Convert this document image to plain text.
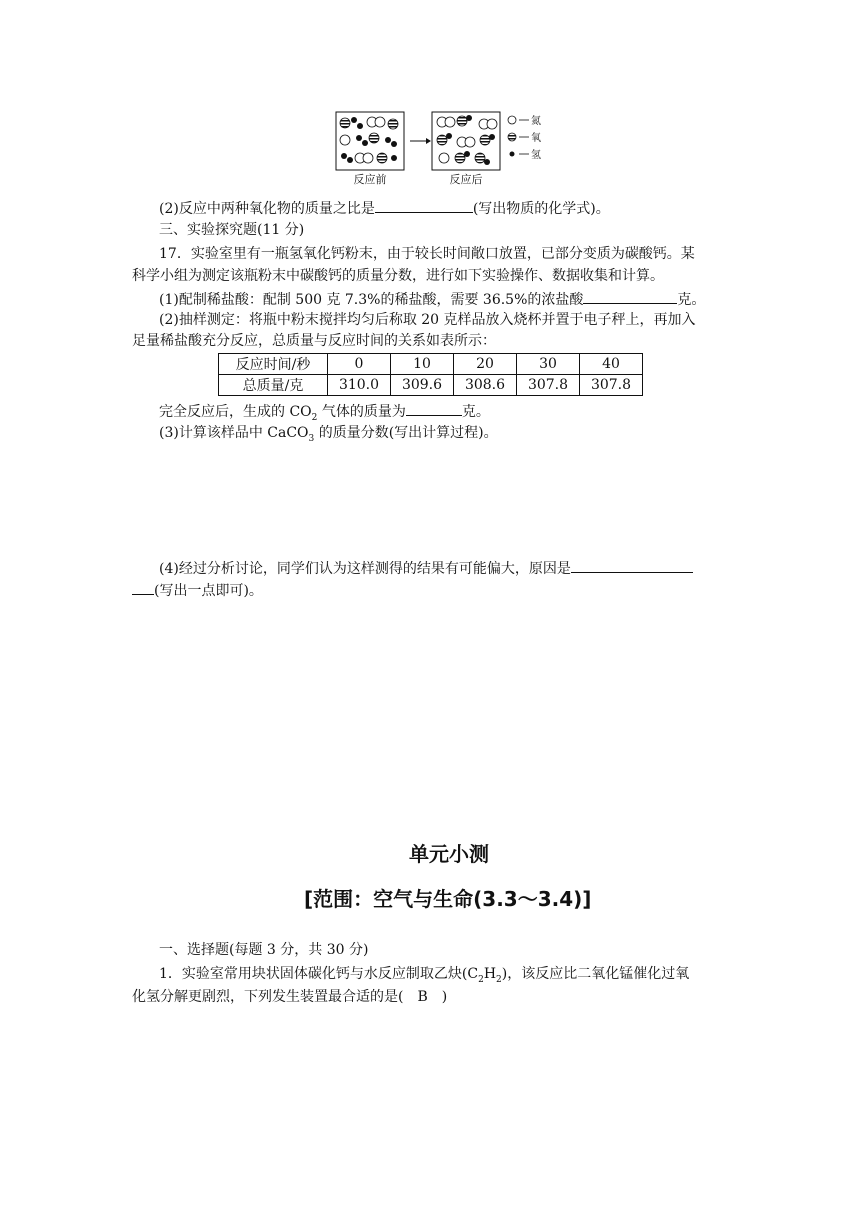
反应前	反应后
氮
氧
氢
(2)反应中两种氧化物的质量之比是	(写出物质的化学式)。
三、实验探究题(11 分)
17．实验室里有一瓶氢氧化钙粉末，由于较长时间敞口放置，已部分变质为碳酸钙。某
科学小组为测定该瓶粉末中碳酸钙的质量分数，进行如下实验操作、数据收集和计算。
(1)配制稀盐酸：配制 500 克 7.3%的稀盐酸，需要 36.5%的浓盐酸	克。
(2)抽样测定：将瓶中粉末搅拌均匀后称取 20 克样品放入烧杯并置于电子秤上，再加入
足量稀盐酸充分反应，总质量与反应时间的关系如表所示：
反应时间/秒	0	10	20	30	40
总质量/克	310.0	309.6	308.6	307.8	307.8
完全反应后，生成的 $CO_2$ 气体的质量为	克。
(3)计算该样品中 CaCO$_3$ 的质量分数(写出计算过程)。
(4)经过分析讨论，同学们认为这样测得的结果有可能偏大，原因是
(写出一点即可)。
单元小测
[范围：空气与生命(3.3～3.4)]
一、选择题(每题 3 分，共 30 分)
1．实验室常用块状固体碳化钙与水反应制取乙炔$(C_2H_2)$，该反应比二氧化锰催化过氧
化氢分解更剧烈，下列发生装置最合适的是(　B　)
